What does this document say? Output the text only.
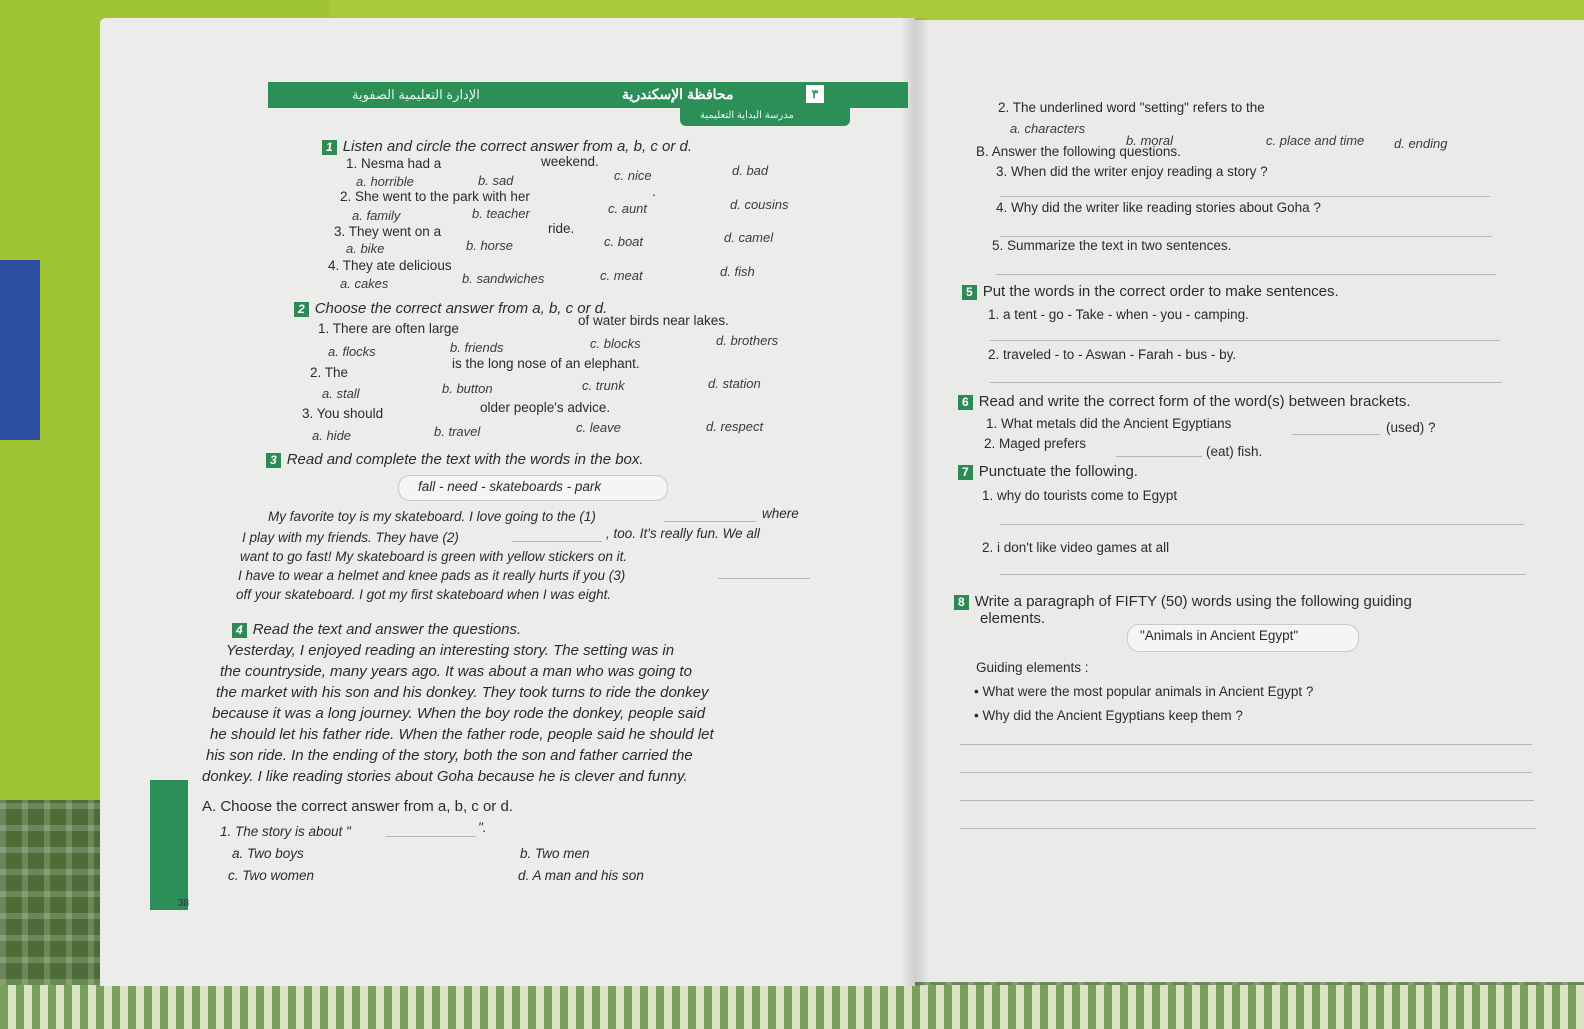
الإدارة التعليمية الصفوية	محافظة الإسكندرية	٣
مدرسة البداية التعليمية
1 Listen and circle the correct answer from a, b, c or d.
1. Nesma had a	weekend.
a. horrible	b. sad	c. nice	d. bad
2. She went to the park with her	.
a. family	b. teacher	c. aunt	d. cousins
3. They went on a	ride.
a. bike	b. horse	c. boat	d. camel
4. They ate delicious
a. cakes	b. sandwiches	c. meat	d. fish
2 Choose the correct answer from a, b, c or d.
1. There are often large
of water birds near lakes.
a. flocks	b. friends	c. blocks	d. brothers
2. The
is the long nose of an elephant.
a. stall	b. button	c. trunk	d. station
3. You should	older people's advice.
a. hide	b. travel	c. leave	d. respect
3 Read and complete the text with the words in the box.
fall - need - skateboards - park
My favorite toy is my skateboard. I love going to the (1)	where
I play with my friends. They have (2)	, too. It's really fun. We all
want to go fast! My skateboard is green with yellow stickers on it.
I have to wear a helmet and knee pads as it really hurts if you (3)
off your skateboard. I got my first skateboard when I was eight.
4 Read the text and answer the questions.
Yesterday, I enjoyed reading an interesting story. The setting was in
the countryside, many years ago. It was about a man who was going to
the market with his son and his donkey. They took turns to ride the donkey
because it was a long journey. When the boy rode the donkey, people said
he should let his father ride. When the father rode, people said he should let
his son ride. In the ending of the story, both the son and father carried the
donkey. I like reading stories about Goha because he is clever and funny.
A. Choose the correct answer from a, b, c or d.
1. The story is about "	".
a. Two boys	b. Two men
c. Two women	d. A man and his son
38
2. The underlined word "setting" refers to the
a. characters
b. moral	c. place and time d. ending
B. Answer the following questions.
3. When did the writer enjoy reading a story ?
4. Why did the writer like reading stories about Goha ?
5. Summarize the text in two sentences.
5 Put the words in the correct order to make sentences.
1. a tent - go - Take - when - you - camping.
2. traveled - to - Aswan - Farah - bus - by.
6 Read and write the correct form of the word(s) between brackets.
1. What metals did the Ancient Egyptians	(used) ?
2. Maged prefers
(eat) fish.
7 Punctuate the following.
1. why do tourists come to Egypt
2. i don't like video games at all
8 Write a paragraph of FIFTY (50) words using the following guiding
elements.
"Animals in Ancient Egypt"
Guiding elements :
• What were the most popular animals in Ancient Egypt ?
• Why did the Ancient Egyptians keep them ?
